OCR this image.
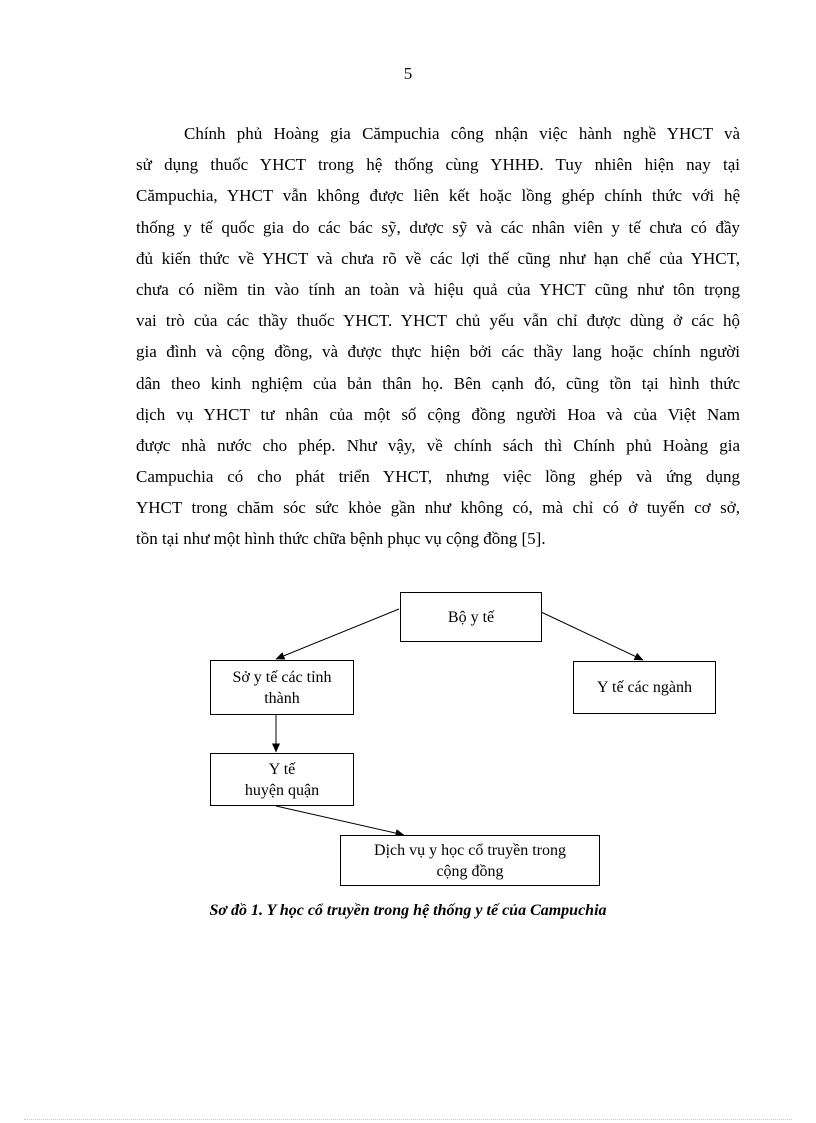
5
Chính phủ Hoàng gia Cămpuchia công nhận việc hành nghề YHCT và
sử dụng thuốc YHCT trong hệ thống cùng YHHĐ. Tuy nhiên hiện nay tại
Cămpuchia, YHCT vẫn không được liên kết hoặc lồng ghép chính thức với hệ
thống y tế quốc gia do các bác sỹ, dược sỹ và các nhân viên y tế chưa có đầy
đủ kiến thức về YHCT và chưa rõ về các lợi thế cũng như hạn chế của YHCT,
chưa có niềm tin vào tính an toàn và hiệu quả của YHCT cũng như tôn trọng
vai trò của các thầy thuốc YHCT. YHCT chủ yếu vẫn chỉ được dùng ở các hộ
gia đình và cộng đồng, và được thực hiện bởi các thầy lang hoặc chính người
dân theo kinh nghiệm của bản thân họ. Bên cạnh đó, cũng tồn tại hình thức
dịch vụ YHCT tư nhân của một số cộng đồng người Hoa và của Việt Nam
được nhà nước cho phép. Như vậy, về chính sách thì Chính phủ Hoàng gia
Campuchia có cho phát triển YHCT, nhưng việc lồng ghép và ứng dụng
YHCT trong chăm sóc sức khỏe gần như không có, mà chỉ có ở tuyến cơ sở,
tồn tại như một hình thức chữa bệnh phục vụ cộng đồng [5].
Bộ y tế
Sở y tế các tỉnh
thành
Y tế các ngành
Y tế
huyện quận
Dịch vụ y học cổ truyền trong
cộng đồng
Sơ đồ 1. Y học cổ truyền trong hệ thống y tế của Campuchia
